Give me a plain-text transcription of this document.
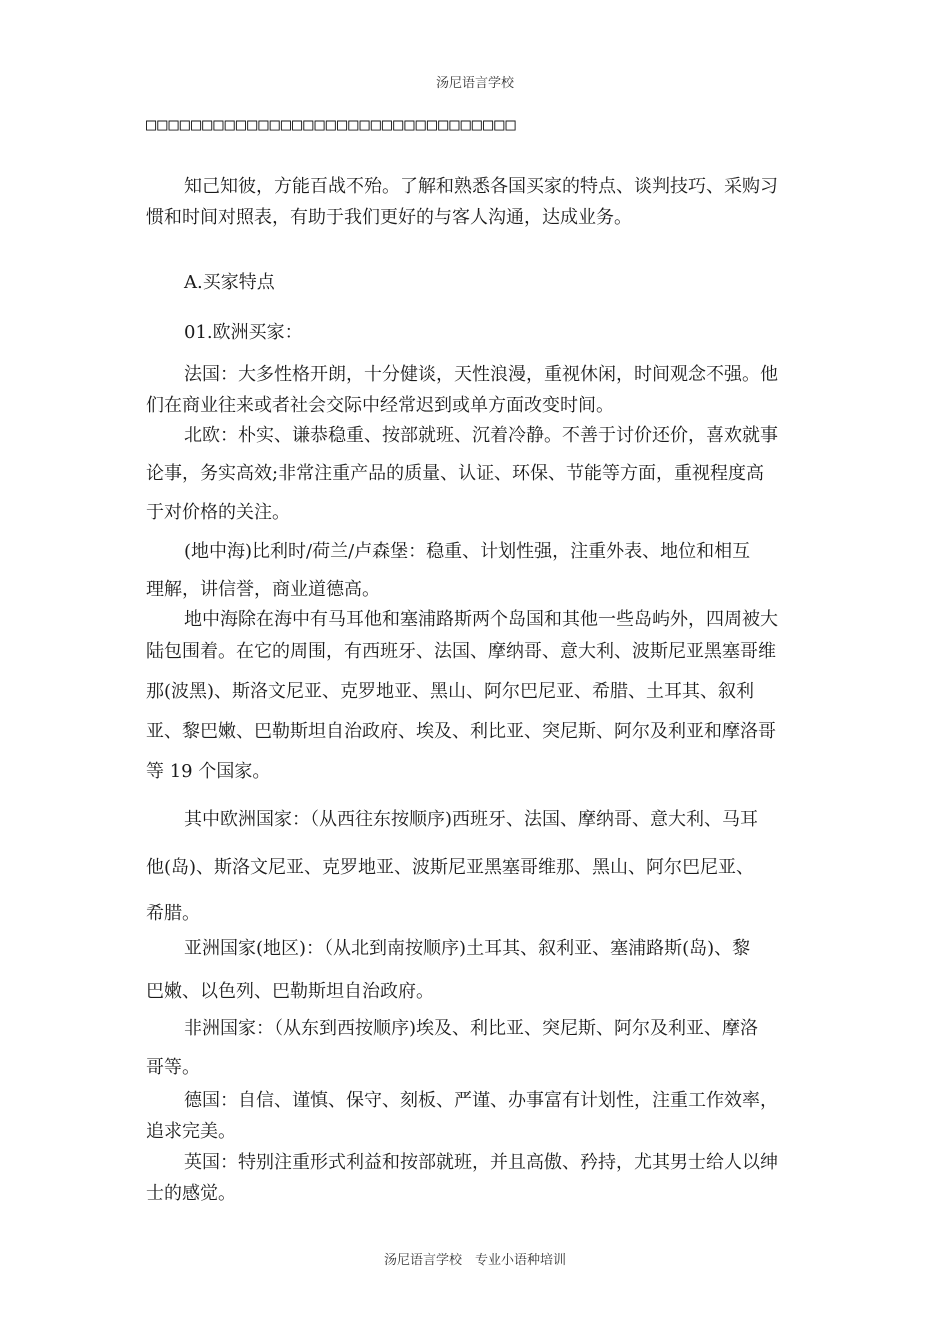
汤尼语言学校
□□□□□□□□□□□□□□□□□□□□□□□□□□□□□□□□□
知己知彼，方能百战不殆。了解和熟悉各国买家的特点、谈判技巧、采购习
惯和时间对照表，有助于我们更好的与客人沟通，达成业务。
A.买家特点
01.欧洲买家：
法国：大多性格开朗，十分健谈，天性浪漫，重视休闲，时间观念不强。他
们在商业往来或者社会交际中经常迟到或单方面改变时间。
北欧：朴实、谦恭稳重、按部就班、沉着冷静。不善于讨价还价，喜欢就事
论事，务实高效;非常注重产品的质量、认证、环保、节能等方面，重视程度高
于对价格的关注。
(地中海)比利时/荷兰/卢森堡：稳重、计划性强，注重外表、地位和相互
理解，讲信誉，商业道德高。
地中海除在海中有马耳他和塞浦路斯两个岛国和其他一些岛屿外，四周被大
陆包围着。在它的周围，有西班牙、法国、摩纳哥、意大利、波斯尼亚黑塞哥维
那(波黑)、斯洛文尼亚、克罗地亚、黑山、阿尔巴尼亚、希腊、土耳其、叙利
亚、黎巴嫩、巴勒斯坦自治政府、埃及、利比亚、突尼斯、阿尔及利亚和摩洛哥
等 19 个国家。
其中欧洲国家：（从西往东按顺序)西班牙、法国、摩纳哥、意大利、马耳
他(岛)、斯洛文尼亚、克罗地亚、波斯尼亚黑塞哥维那、黑山、阿尔巴尼亚、
希腊。
亚洲国家(地区)：（从北到南按顺序)土耳其、叙利亚、塞浦路斯(岛)、黎
巴嫩、以色列、巴勒斯坦自治政府。
非洲国家：（从东到西按顺序)埃及、利比亚、突尼斯、阿尔及利亚、摩洛
哥等。
德国：自信、谨慎、保守、刻板、严谨、办事富有计划性，注重工作效率，
追求完美。
英国：特别注重形式利益和按部就班，并且高傲、矜持，尤其男士给人以绅
士的感觉。
汤尼语言学校　专业小语种培训
